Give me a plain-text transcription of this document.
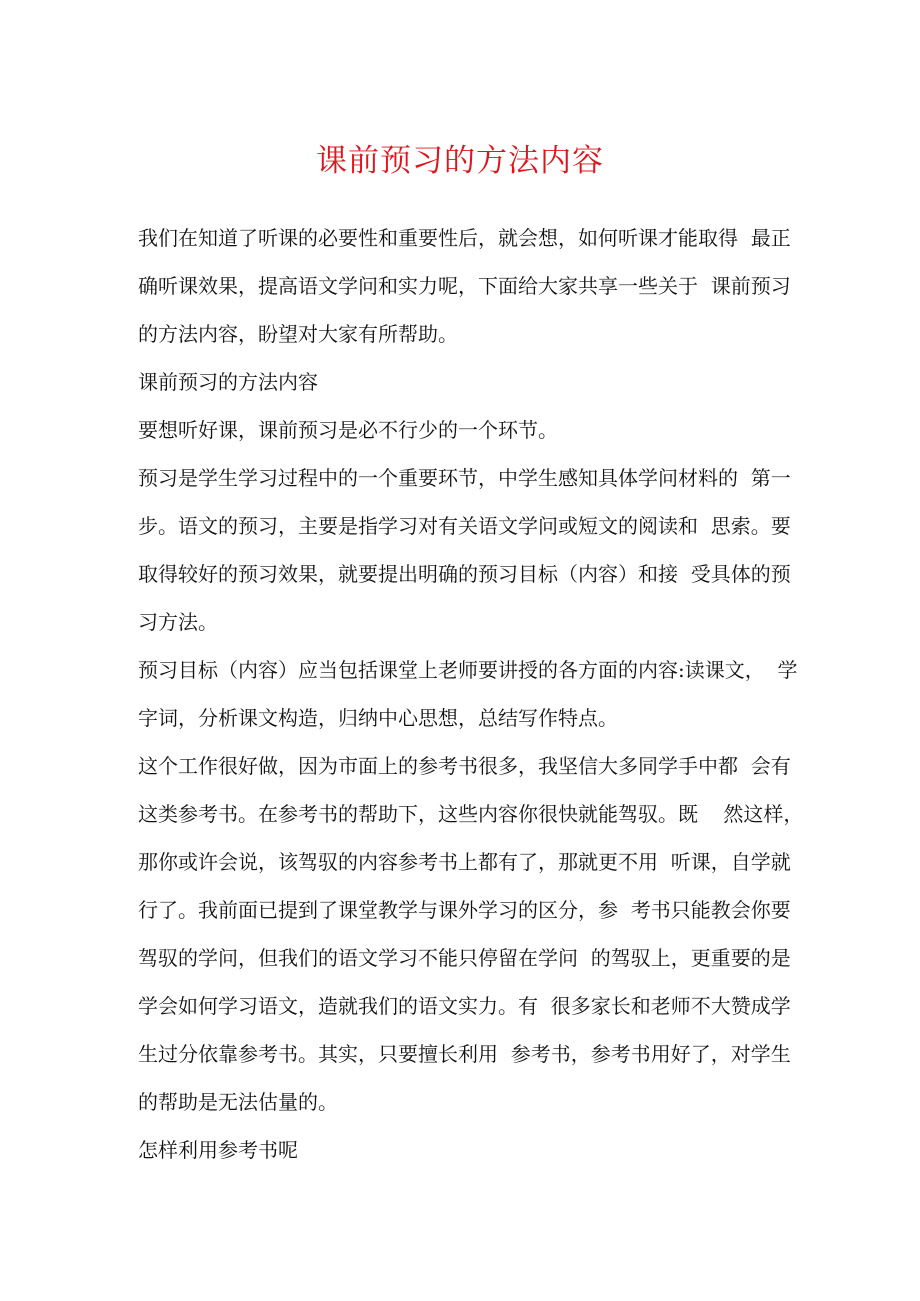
课前预习的方法内容
我们在知道了听课的必要性和重要性后，就会想，如何听课才能取得  最正
确听课效果，提高语文学问和实力呢，下面给大家共享一些关于  课前预习
的方法内容，盼望对大家有所帮助。
课前预习的方法内容
要想听好课，课前预习是必不行少的一个环节。
预习是学生学习过程中的一个重要环节，中学生感知具体学问材料的  第一
步。语文的预习，主要是指学习对有关语文学问或短文的阅读和  思索。要
取得较好的预习效果，就要提出明确的预习目标（内容）和接  受具体的预
习方法。
预习目标（内容）应当包括课堂上老师要讲授的各方面的内容:读课文，  学
字词，分析课文构造，归纳中心思想，总结写作特点。
这个工作很好做，因为市面上的参考书很多，我坚信大多同学手中都  会有
这类参考书。在参考书的帮助下，这些内容你很快就能驾驭。既    然这样，
那你或许会说，该驾驭的内容参考书上都有了，那就更不用  听课，自学就
行了。我前面已提到了课堂教学与课外学习的区分，参  考书只能教会你要
驾驭的学问，但我们的语文学习不能只停留在学问  的驾驭上，更重要的是
学会如何学习语文，造就我们的语文实力。有  很多家长和老师不大赞成学
生过分依靠参考书。其实，只要擅长利用  参考书，参考书用好了，对学生
的帮助是无法估量的。
怎样利用参考书呢
